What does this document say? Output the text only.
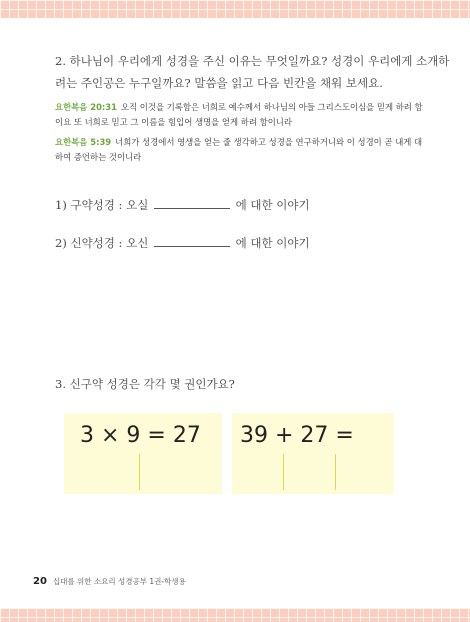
2. 하나님이 우리에게 성경을 주신 이유는 무엇일까요? 성경이 우리에게 소개하
려는 주인공은 누구일까요? 말씀을 읽고 다음 빈칸을 채워 보세요.
요한복음 20:31 오직 이것을 기록함은 너희로 예수께서 하나님의 아들 그리스도이심을 믿게 하려 함이요 또 너희로 믿고 그 이름을 힘입어 생명을 얻게 하려 함이니라
요한복음 5:39 너희가 성경에서 영생을 얻는 줄 생각하고 성경을 연구하거니와 이 성경이 곧 내게 대하여 증언하는 것이니라
1) 구약성경 : 오실	에 대한 이야기
2) 신약성경 : 오신	에 대한 이야기
3. 신구약 성경은 각각 몇 권인가요?
3 × 9 = 27 39 + 27 =
20 십대를 위한 소요리 성경공부 1권-학생용
